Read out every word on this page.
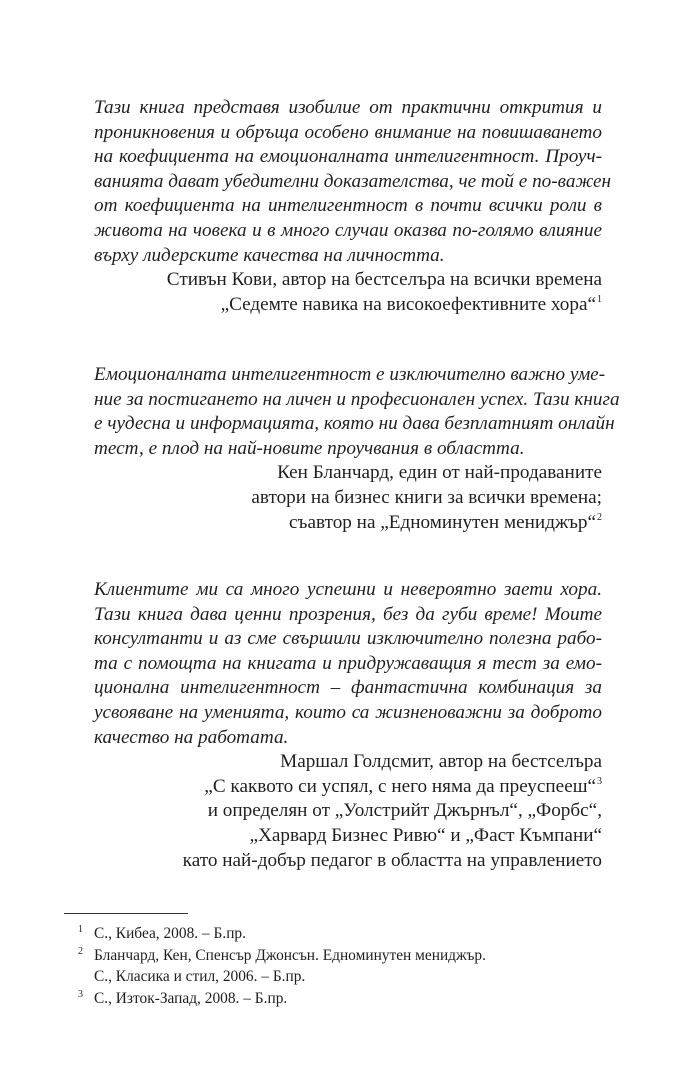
Тази книга представя изобилие от практични открития и
проникновения и обръща особено внимание на повишаването
на коефициента на емоционалната интелигентност. Проуч-
ванията дават убедителни доказателства, че той е по-важен
от коефициента на интелигентност в почти всички роли в
живота на човека и в много случаи оказва по-голямо влияние
върху лидерските качества на личността.

Стивън Кови, автор на бестселъра на всички времена
„Седемте навика на високоефективните хора“$^1$

Емоционалната интелигентност е изключително важно уме-
ние за постигането на личен и професионален успех. Тази книга
е чудесна и информацията, която ни дава безплатният онлайн
тест, е плод на най-новите проучвания в областта.

Кен Бланчард, един от най-продаваните
автори на бизнес книги за всички времена;
съавтор на „Едноминутен мениджър“$^2$

Клиентите ми са много успешни и невероятно заети хора.
Тази книга дава ценни прозрения, без да губи време! Моите
консултанти и аз сме свършили изключително полезна рабо-
та с помощта на книгата и придружаващия я тест за емо-
ционална интелигентност – фантастична комбинация за
усвояване на уменията, които са жизненоважни за доброто
качество на работата.

Маршал Голдсмит, автор на бестселъра
„С каквото си успял, с него няма да преуспееш“$^3$
и определян от „Уолстрийт Джърнъл“, „Форбс“,
„Харвард Бизнес Ривю“ и „Фаст Къмпани“
като най-добър педагог в областта на управлението

1 С., Кибеа, 2008. – Б.пр.
2 Бланчард, Кен, Спенсър Джонсън. Едноминутен мениджър.
С., Класика и стил, 2006. – Б.пр.
3 С., Изток-Запад, 2008. – Б.пр.
